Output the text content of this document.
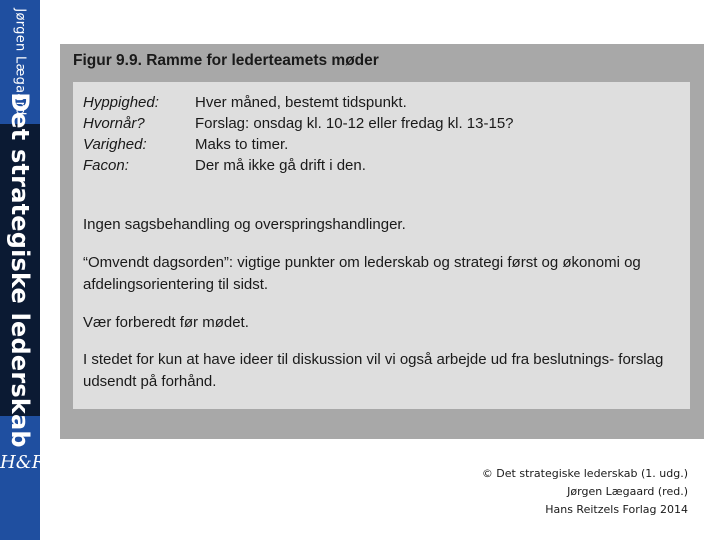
Jørgen Lægaard
Det strategiske lederskab
H&R
Figur 9.9. Ramme for lederteamets møder
Hyppighed:	Hver måned, bestemt tidspunkt.
Hvornår?	Forslag: onsdag kl. 10-12 eller fredag kl. 13-15?
Varighed:	Maks to timer.
Facon:	Der må ikke gå drift i den.

Ingen sagsbehandling og overspringshandlinger.

“Omvendt dagsorden”: vigtige punkter om lederskab og strategi først og økonomi og afdelingsorientering til sidst.

Vær forberedt før mødet.

I stedet for kun at have ideer til diskussion vil vi også arbejde ud fra beslutnings- forslag udsendt på forhånd.

© Det strategiske lederskab (1. udg.)
Jørgen Lægaard (red.)
Hans Reitzels Forlag 2014
